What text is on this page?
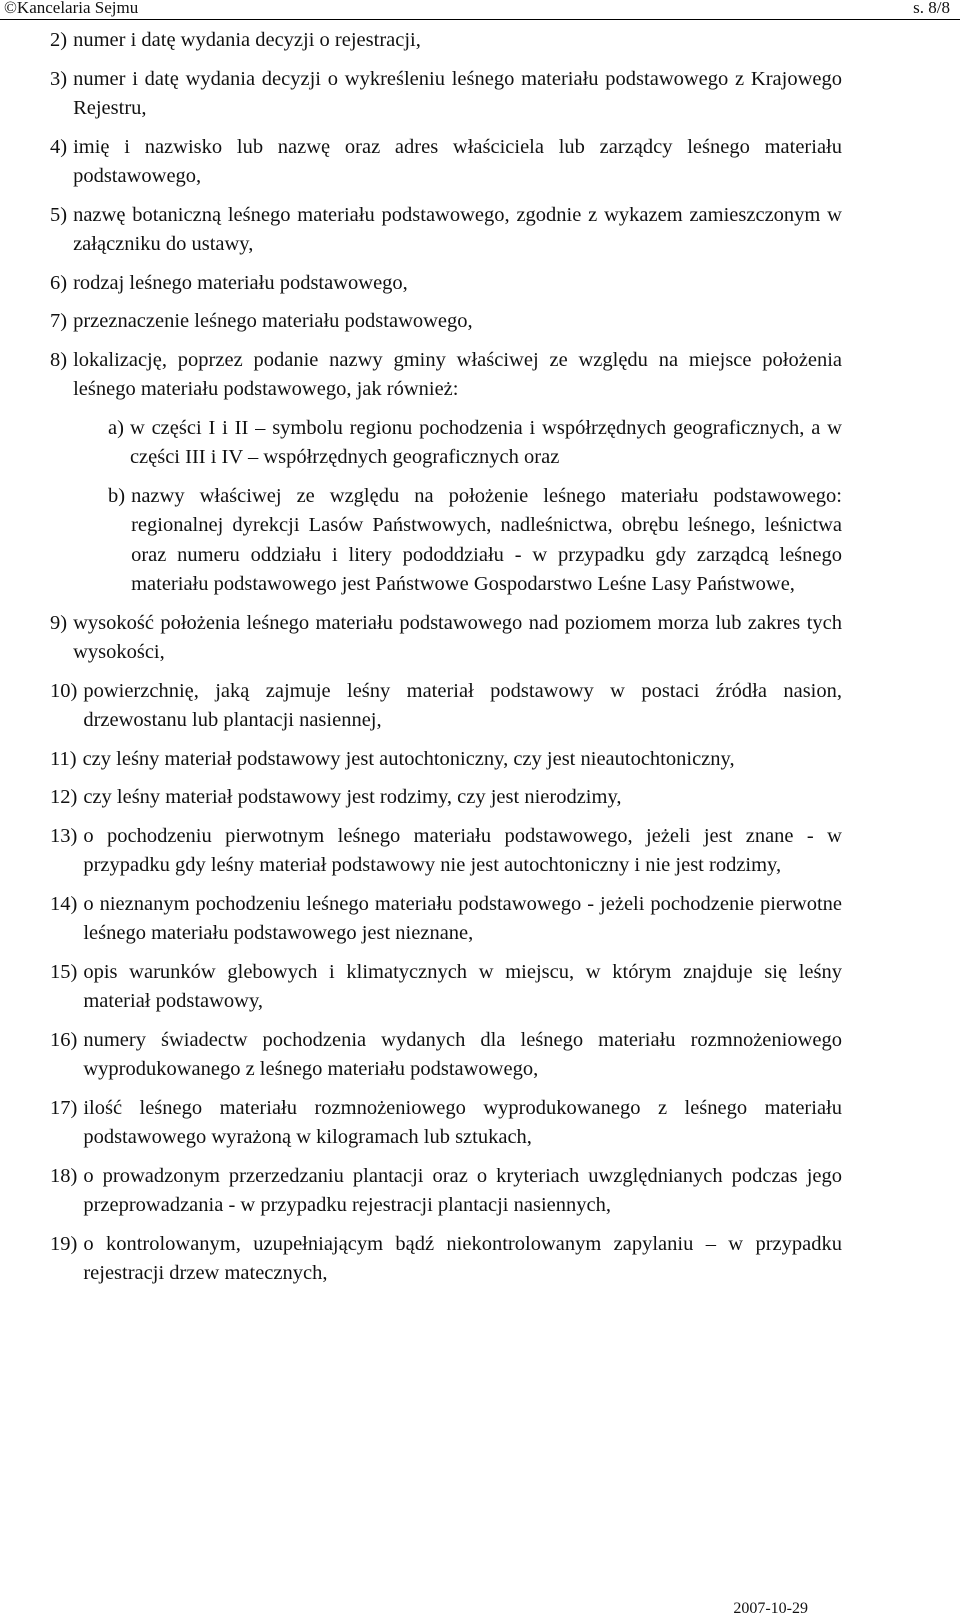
©Kancelaria Sejmu	s. 8/8
2) numer i datę wydania decyzji o rejestracji,
3) numer i datę wydania decyzji o wykreśleniu leśnego materiału podstawowego z Krajowego Rejestru,
4) imię i nazwisko lub nazwę oraz adres właściciela lub zarządcy leśnego materiału podstawowego,
5) nazwę botaniczną leśnego materiału podstawowego, zgodnie z wykazem zamieszczonym w załączniku do ustawy,
6) rodzaj leśnego materiału podstawowego,
7) przeznaczenie leśnego materiału podstawowego,
8) lokalizację, poprzez podanie nazwy gminy właściwej ze względu na miejsce położenia leśnego materiału podstawowego, jak również:
a) w części I i II – symbolu regionu pochodzenia i współrzędnych geograficznych, a w części III i IV – współrzędnych geograficznych oraz
b) nazwy właściwej ze względu na położenie leśnego materiału podstawowego: regionalnej dyrekcji Lasów Państwowych, nadleśnictwa, obrębu leśnego, leśnictwa oraz numeru oddziału i litery pododdziału - w przypadku gdy zarządcą leśnego materiału podstawowego jest Państwowe Gospodarstwo Leśne Lasy Państwowe,
9) wysokość położenia leśnego materiału podstawowego nad poziomem morza lub zakres tych wysokości,
10) powierzchnię, jaką zajmuje leśny materiał podstawowy w postaci źródła nasion, drzewostanu lub plantacji nasiennej,
11) czy leśny materiał podstawowy jest autochtoniczny, czy jest nieautochtoniczny,
12) czy leśny materiał podstawowy jest rodzimy, czy jest nierodzimy,
13) o pochodzeniu pierwotnym leśnego materiału podstawowego, jeżeli jest znane - w przypadku gdy leśny materiał podstawowy nie jest autochtoniczny i nie jest rodzimy,
14) o nieznanym pochodzeniu leśnego materiału podstawowego - jeżeli pochodzenie pierwotne leśnego materiału podstawowego jest nieznane,
15) opis warunków glebowych i klimatycznych w miejscu, w którym znajduje się leśny materiał podstawowy,
16) numery świadectw pochodzenia wydanych dla leśnego materiału rozmnożeniowego wyprodukowanego z leśnego materiału podstawowego,
17) ilość leśnego materiału rozmnożeniowego wyprodukowanego z leśnego materiału podstawowego wyrażoną w kilogramach lub sztukach,
18) o prowadzonym przerzedzaniu plantacji oraz o kryteriach uwzględnianych podczas jego przeprowadzania - w przypadku rejestracji plantacji nasiennych,
19) o kontrolowanym, uzupełniającym bądź niekontrolowanym zapylaniu – w przypadku rejestracji drzew matecznych,
2007-10-29
